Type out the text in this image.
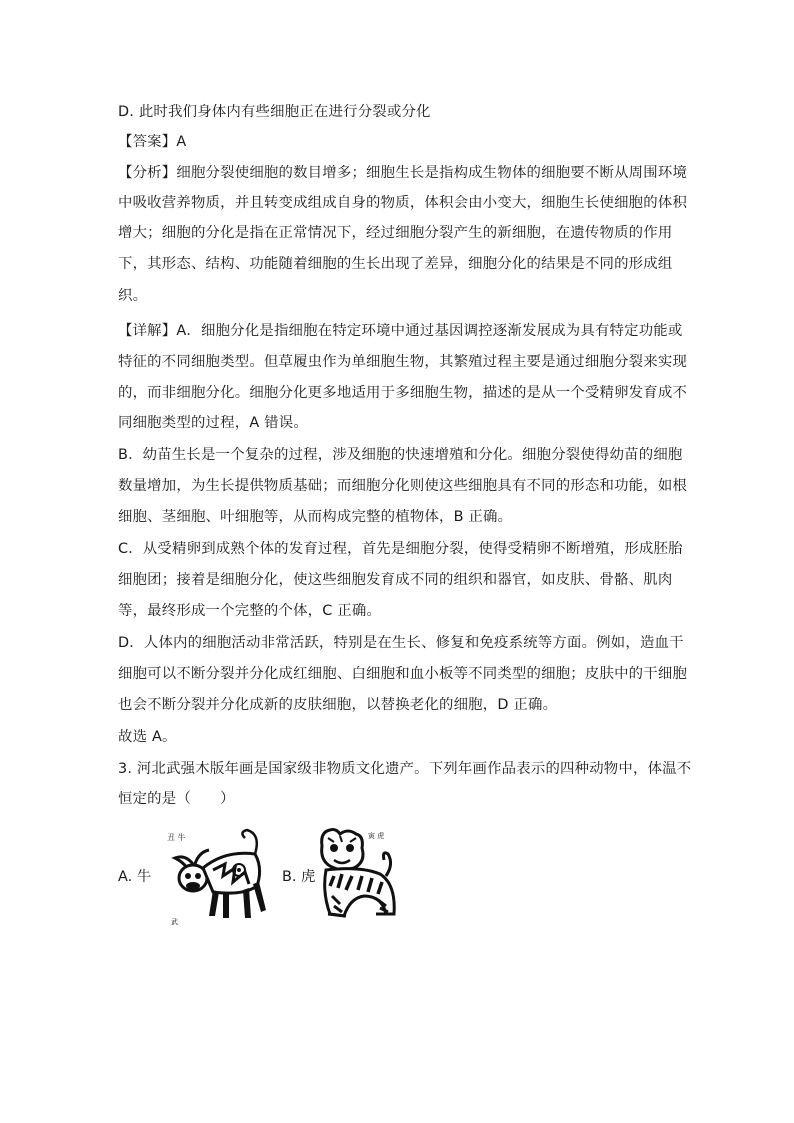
D. 此时我们身体内有些细胞正在进行分裂或分化
【答案】A
【分析】细胞分裂使细胞的数目增多；细胞生长是指构成生物体的细胞要不断从周围环境
中吸收营养物质，并且转变成组成自身的物质，体积会由小变大，细胞生长使细胞的体积
增大；细胞的分化是指在正常情况下，经过细胞分裂产生的新细胞，在遗传物质的作用
下，其形态、结构、功能随着细胞的生长出现了差异，细胞分化的结果是不同的形成组
织。
【详解】A．细胞分化是指细胞在特定环境中通过基因调控逐渐发展成为具有特定功能或
特征的不同细胞类型。但草履虫作为单细胞生物，其繁殖过程主要是通过细胞分裂来实现
的，而非细胞分化。细胞分化更多地适用于多细胞生物，描述的是从一个受精卵发育成不
同细胞类型的过程，A 错误。
B．幼苗生长是一个复杂的过程，涉及细胞的快速增殖和分化。细胞分裂使得幼苗的细胞
数量增加，为生长提供物质基础；而细胞分化则使这些细胞具有不同的形态和功能，如根
细胞、茎细胞、叶细胞等，从而构成完整的植物体，B 正确。
C．从受精卵到成熟个体的发育过程，首先是细胞分裂，使得受精卵不断增殖，形成胚胎
细胞团；接着是细胞分化，使这些细胞发育成不同的组织和器官，如皮肤、骨骼、肌肉
等，最终形成一个完整的个体，C 正确。
D．人体内的细胞活动非常活跃，特别是在生长、修复和免疫系统等方面。例如，造血干
细胞可以不断分裂并分化成红细胞、白细胞和血小板等不同类型的细胞；皮肤中的干细胞
也会不断分裂并分化成新的皮肤细胞，以替换老化的细胞，D 正确。
故选 A。
3. 河北武强木版年画是国家级非物质文化遗产。下列年画作品表示的四种动物中，体温不
恒定的是（　　）
A. 牛	B. 虎
丑 牛
武
寅 虎
